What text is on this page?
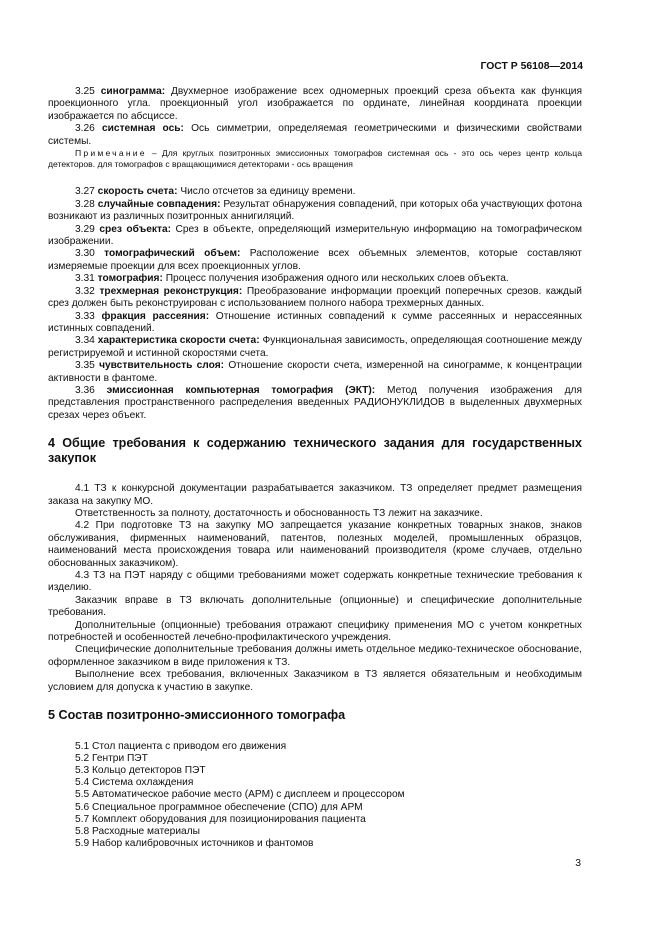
ГОСТ Р 56108—2014

3.25 синограмма: Двухмерное изображение всех одномерных проекций среза объекта как функция проекционного угла. проекционный угол изображается по ординате, линейная координата проекции изображается по абсциссе.

3.26 системная ось: Ось симметрии, определяемая геометрическими и физическими свойствами системы.

Примечание – Для круглых позитронных эмиссионных томографов системная ось - это ось через центр кольца детекторов. для томографов с вращающимися детекторами - ось вращения

3.27 скорость счета: Число отсчетов за единицу времени.

3.28 случайные совпадения: Результат обнаружения совпадений, при которых оба участвующих фотона возникают из различных позитронных аннигиляций.

3.29 срез объекта: Срез в объекте, определяющий измерительную информацию на томографическом изображении.

3.30 томографический объем: Расположение всех объемных элементов, которые составляют измеряемые проекции для всех проекционных углов.

3.31 томография: Процесс получения изображения одного или нескольких слоев объекта.

3.32 трехмерная реконструкция: Преобразование информации проекций поперечных срезов. каждый срез должен быть реконструирован с использованием полного набора трехмерных данных.

3.33 фракция рассеяния: Отношение истинных совпадений к сумме рассеянных и нерассеянных истинных совпадений.

3.34 характеристика скорости счета: Функциональная зависимость, определяющая соотношение между регистрируемой и истинной скоростями счета.

3.35 чувствительность слоя: Отношение скорости счета, измеренной на синограмме, к концентрации активности в фантоме.

3.36 эмиссионная компьютерная томография (ЭКТ): Метод получения изображения для представления пространственного распределения введенных РАДИОНУКЛИДОВ в выделенных двухмерных срезах через объект.

4 Общие требования к содержанию технического задания для государственных закупок

4.1 ТЗ к конкурсной документации разрабатывается заказчиком. ТЗ определяет предмет размещения заказа на закупку МО.

Ответственность за полноту, достаточность и обоснованность ТЗ лежит на заказчике.

4.2 При подготовке ТЗ на закупку МО запрещается указание конкретных товарных знаков, знаков обслуживания, фирменных наименований, патентов, полезных моделей, промышленных образцов, наименований места происхождения товара или наименований производителя (кроме случаев, отдельно обоснованных заказчиком).

4.3 ТЗ на ПЭТ наряду с общими требованиями может содержать конкретные технические требования к изделию.

Заказчик вправе в ТЗ включать дополнительные (опционные) и специфические дополнительные требования.

Дополнительные (опционные) требования отражают специфику применения МО с учетом конкретных потребностей и особенностей лечебно-профилактического учреждения.

Специфические дополнительные требования должны иметь отдельное медико-техническое обоснование, оформленное заказчиком в виде приложения к ТЗ.

Выполнение всех требования, включенных Заказчиком в ТЗ является обязательным и необходимым условием для допуска к участию в закупке.

5 Состав позитронно-эмиссионного томографа
5.1 Стол пациента с приводом его движения
5.2 Гентри ПЭТ
5.3 Кольцо детекторов ПЭТ
5.4 Система охлаждения
5.5 Автоматическое рабочие место (АРМ) с дисплеем и процессором
5.6 Специальное программное обеспечение (СПО) для АРМ
5.7 Комплект оборудования для позиционирования пациента
5.8 Расходные материалы
5.9 Набор калибровочных источников и фантомов
3
